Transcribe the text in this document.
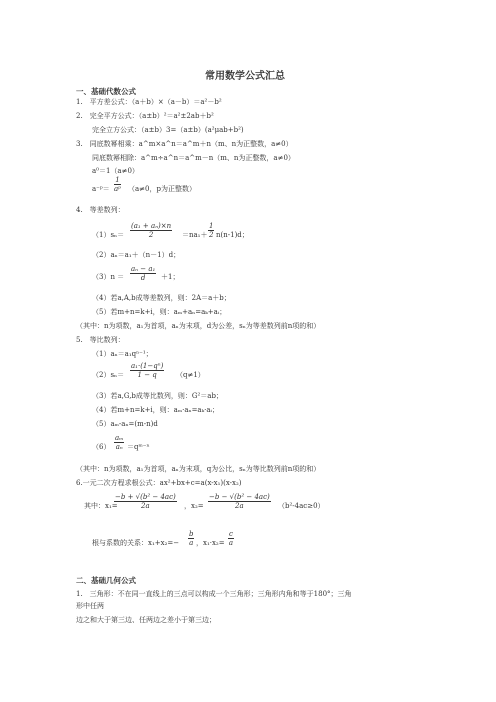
常用数学公式汇总
一、基础代数公式
1.　平方差公式：（a＋b）×（a－b）＝a²－b²
2.　完全平方公式：（a±b）²＝a²±2ab＋b²
完全立方公式：（a±b）3=（a±b）(a²μab+b²)
3.　同底数幂相乘：a^m×a^n＝a^m＋n（m、n为正整数，a≠0）
同底数幂相除：a^m÷a^n＝a^m－n（m、n为正整数，a≠0）
a⁰＝1（a≠0）
a⁻ᵖ＝ $\frac{1}{\text{aᵖ}} (a\ne 0$，p为正整数）
4.　等差数列：
$(1)s_n= \frac{\text{(a₁ + aₙ)×n}}{2} =na_1+ \frac{1}{2} n(n-1)d$；
（2）aₙ＝a₁＋（n－1）d；
$(3)n = \frac{\text{aₙ − a₁}}{d} +1$；
（4）若a,A,b成等差数列，则：2A＝a＋b；
（5）若m+n=k+i，则：aₘ+aₙ=aₖ+aᵢ；
（其中：n为项数，a₁为首项，aₙ为末项，d为公差，sₙ为等差数列前n项的和）
5.　等比数列：
（1）aₙ＝a₁qⁿ⁻¹；
$(2)s_n= \frac{\text{a₁·(1−qⁿ)}}{1 - q} (q\ne 1)$
（3）若a,G,b成等比数列，则：G²＝ab；
（4）若m+n=k+i，则：aₘ·aₙ=aₖ·aᵢ；
（5）aₘ-aₙ=(m-n)d
$(6) \frac{\text{aₘ}}{\text{aₙ}}$ ＝qᵐ⁻ⁿ
（其中：n为项数，a₁为首项，aₙ为末项，q为公比，sₙ为等比数列前n项的和）
6.一元二次方程求根公式：ax²+bx+c=a(x-x₁)(x-x₂)
其中：x₁=
$\frac{\text{−b + √(b² − 4ac)}}{2a}$ ，$x_2= \frac{\text{−b − √(b² − 4ac)}}{2a} (b^2-4ac\ge 0)$
根与系数的关系：$x_1+x_2=- \frac{b}{a}$ ，$x_1\cdot x_2= \frac{c}{a}$
二、基础几何公式
1.　三角形：不在同一直线上的三点可以构成一个三角形；三角形内角和等于180°；三角
形中任两
边之和大于第三边、任两边之差小于第三边；
